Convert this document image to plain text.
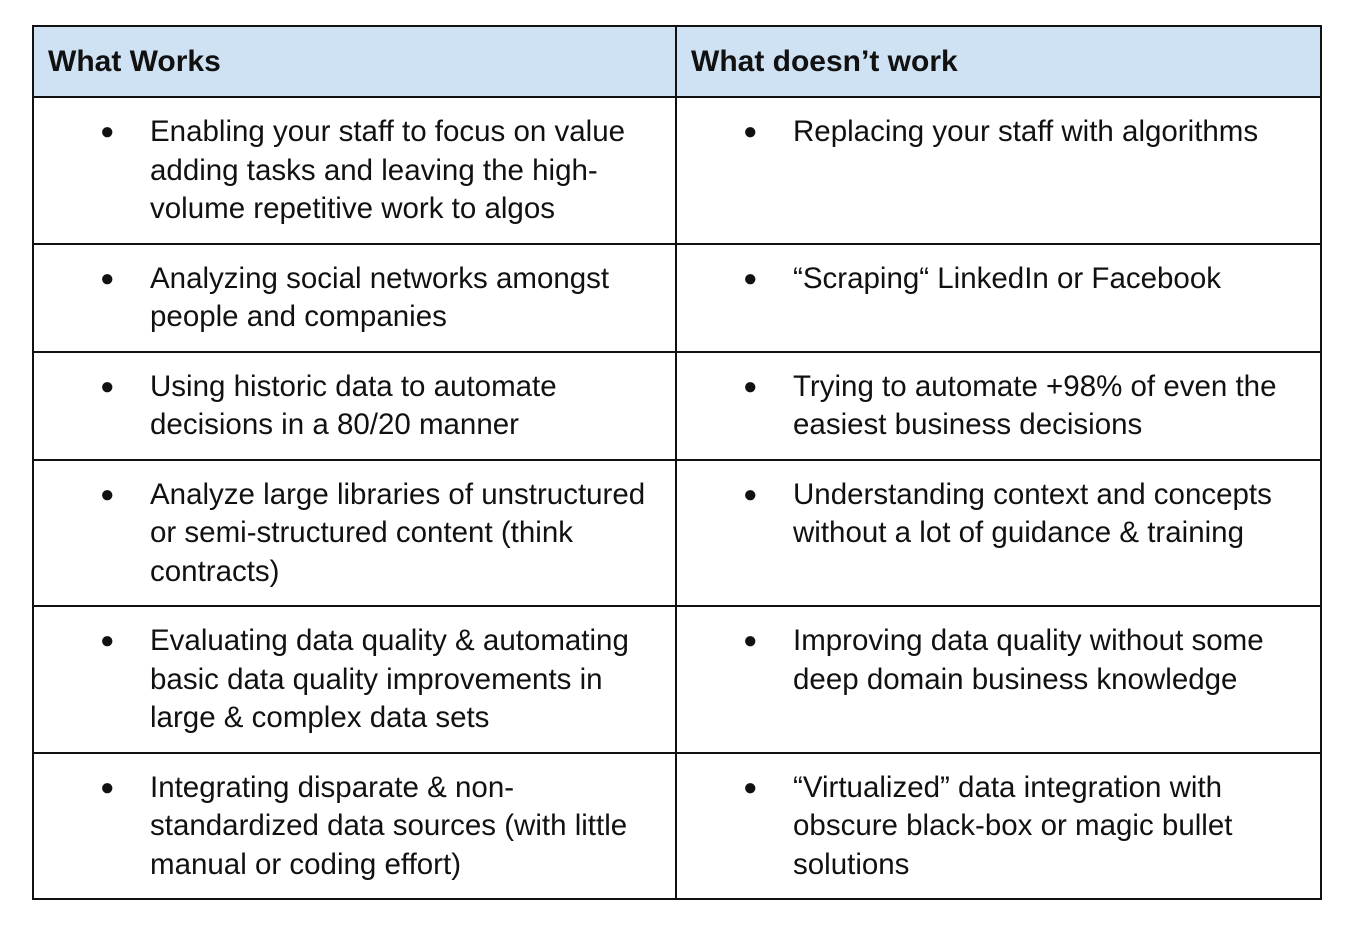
What Works	What doesn’t work

● Enabling your staff to focus on value adding tasks and leaving the high-volume repetitive work to algos	● Replacing your staff with algorithms

● Analyzing social networks amongst people and companies	● “Scraping“ LinkedIn or Facebook

● Using historic data to automate decisions in a 80/20 manner	● Trying to automate +98% of even the easiest business decisions

● Analyze large libraries of unstructured or semi-structured content (think contracts)	● Understanding context and concepts without a lot of guidance & training

● Evaluating data quality & automating basic data quality improvements in large & complex data sets	● Improving data quality without some deep domain business knowledge

● Integrating disparate & non-standardized data sources (with little manual or coding effort)	● “Virtualized” data integration with obscure black-box or magic bullet solutions
